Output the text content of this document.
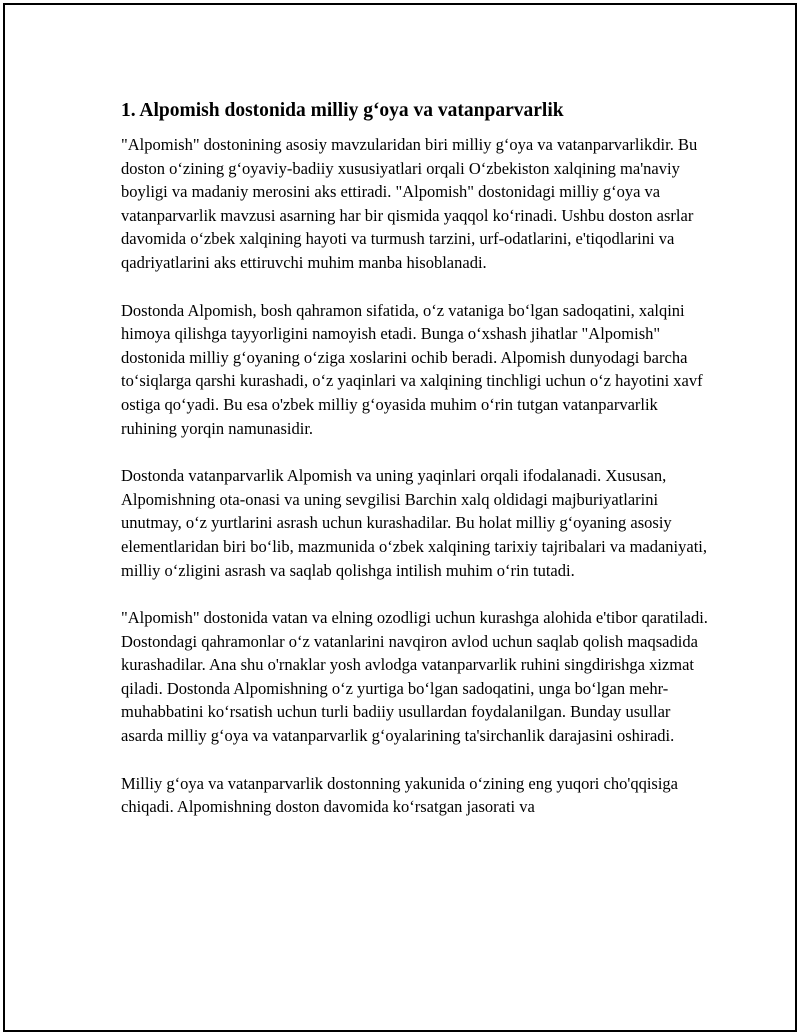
1. Alpomish dostonida milliy g‘oya va vatanparvarlik

"Alpomish" dostonining asosiy mavzularidan biri milliy g‘oya va vatanparvarlikdir. Bu doston o‘zining g‘oyaviy-badiiy xususiyatlari orqali O‘zbekiston xalqining ma'naviy boyligi va madaniy merosini aks ettiradi. "Alpomish" dostonidagi milliy g‘oya va vatanparvarlik mavzusi asarning har bir qismida yaqqol ko‘rinadi. Ushbu doston asrlar davomida o‘zbek xalqining hayoti va turmush tarzini, urf-odatlarini, e'tiqodlarini va qadriyatlarini aks ettiruvchi muhim manba hisoblanadi.

Dostonda Alpomish, bosh qahramon sifatida, o‘z vataniga bo‘lgan sadoqatini, xalqini himoya qilishga tayyorligini namoyish etadi. Bunga o‘xshash jihatlar "Alpomish" dostonida milliy g‘oyaning o‘ziga xoslarini ochib beradi. Alpomish dunyodagi barcha to‘siqlarga qarshi kurashadi, o‘z yaqinlari va xalqining tinchligi uchun o‘z hayotini xavf ostiga qo‘yadi. Bu esa o'zbek milliy g‘oyasida muhim o‘rin tutgan vatanparvarlik ruhining yorqin namunasidir.

Dostonda vatanparvarlik Alpomish va uning yaqinlari orqali ifodalanadi. Xususan, Alpomishning ota-onasi va uning sevgilisi Barchin xalq oldidagi majburiyatlarini unutmay, o‘z yurtlarini asrash uchun kurashadilar. Bu holat milliy g‘oyaning asosiy elementlaridan biri bo‘lib, mazmunida o‘zbek xalqining tarixiy tajribalari va madaniyati, milliy o‘zligini asrash va saqlab qolishga intilish muhim o‘rin tutadi.

"Alpomish" dostonida vatan va elning ozodligi uchun kurashga alohida e'tibor qaratiladi. Dostondagi qahramonlar o‘z vatanlarini navqiron avlod uchun saqlab qolish maqsadida kurashadilar. Ana shu o'rnaklar yosh avlodga vatanparvarlik ruhini singdirishga xizmat qiladi. Dostonda Alpomishning o‘z yurtiga bo‘lgan sadoqatini, unga bo‘lgan mehr-muhabbatini ko‘rsatish uchun turli badiiy usullardan foydalanilgan. Bunday usullar asarda milliy g‘oya va vatanparvarlik g‘oyalarining ta'sirchanlik darajasini oshiradi.

Milliy g‘oya va vatanparvarlik dostonning yakunida o‘zining eng yuqori cho'qqisiga chiqadi. Alpomishning doston davomida ko‘rsatgan jasorati va
